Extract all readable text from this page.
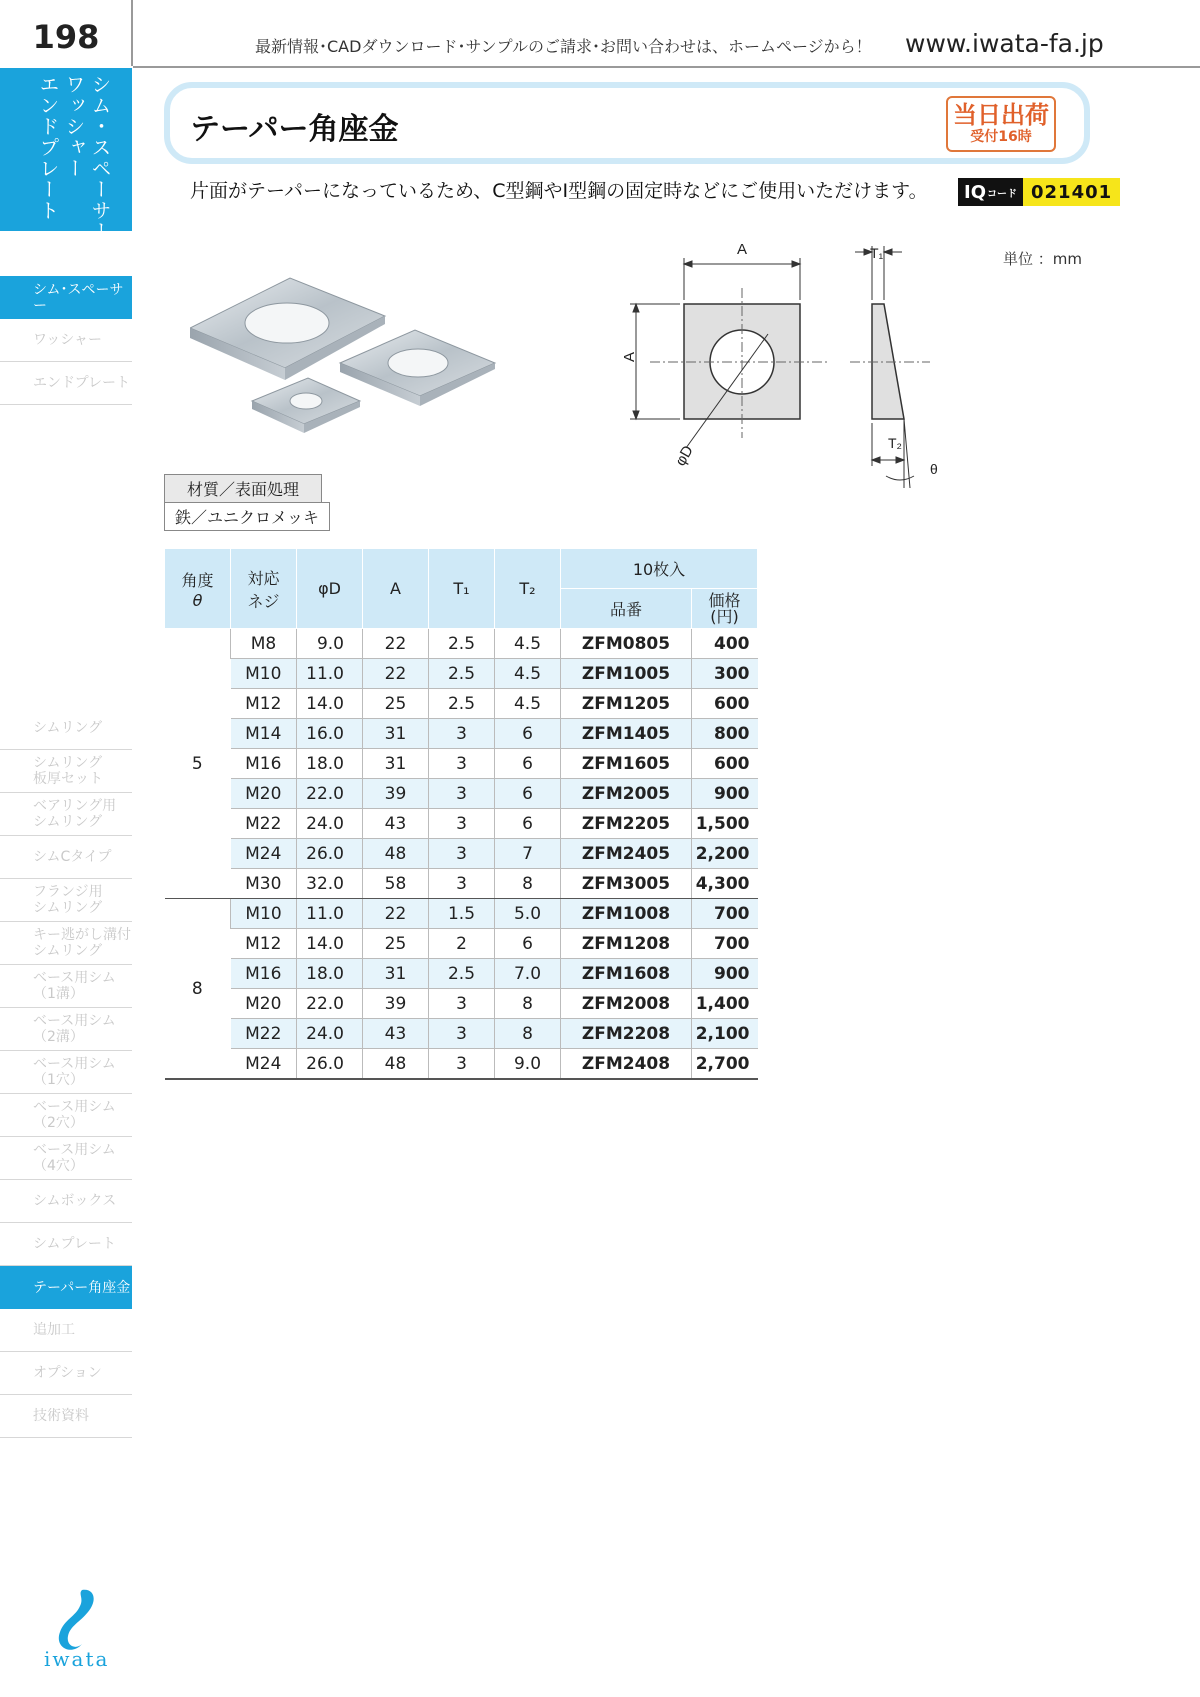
198	最新情報･CADダウンロード･サンプルのご請求･お問い合わせは、ホームページから！ www.iwata-fa.jp
シム・スペーサー
ワッシャー
エンドプレート
シム･スペーサー
ワッシャー
エンドプレート
シムリング
シムリング
板厚セット
ベアリング用
シムリング
シムCタイプ
フランジ用
シムリング
キー逃がし溝付
シムリング
ベース用シム
（1溝）
ベース用シム
（2溝）
ベース用シム
（1穴）
ベース用シム
（2穴）
ベース用シム
（4穴）
シムボックス
シムプレート
テーパー角座金
追加工
オプション
技術資料
テーパー角座金	当日出荷
受付16時
片面がテーパーになっているため、C型鋼やI型鋼の固定時などにご使用いただけます。 IQ コード 021401
単位 ：mm
A
A
φD
T₁
T₂
θ
材質／表面処理
鉄／ユニクロメッキ
角度
θ	対応
ネジ	φD	A	T₁	T₂	10枚入	
						品番	価格
(円)
5	M8	9.0	22	2.5	4.5	ZFM0805	400
	M10	11.0	22	2.5	4.5	ZFM1005	300
	M12	14.0	25	2.5	4.5	ZFM1205	600
	M14	16.0	31	3	6	ZFM1405	800
	M16	18.0	31	3	6	ZFM1605	600
	M20	22.0	39	3	6	ZFM2005	900
	M22	24.0	43	3	6	ZFM2205	1,500
	M24	26.0	48	3	7	ZFM2405	2,200
	M30	32.0	58	3	8	ZFM3005	4,300
8	M10	11.0	22	1.5	5.0	ZFM1008	700
	M12	14.0	25	2	6	ZFM1208	700
	M16	18.0	31	2.5	7.0	ZFM1608	900
	M20	22.0	39	3	8	ZFM2008	1,400
	M22	24.0	43	3	8	ZFM2208	2,100
	M24	26.0	48	3	9.0	ZFM2408	2,700
iwata
